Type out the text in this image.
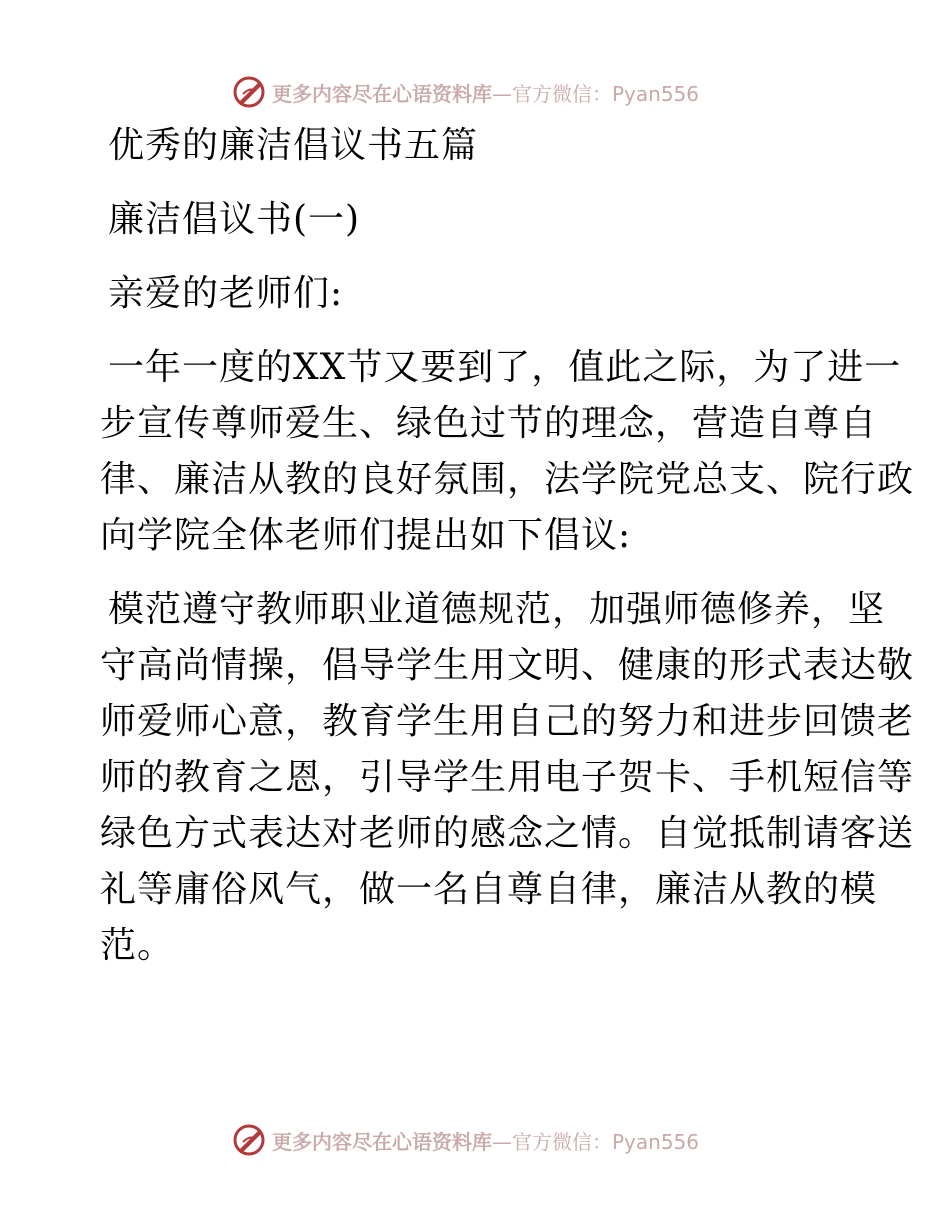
更多内容尽在心语资料库—官方微信：Pyan556
优秀的廉洁倡议书五篇
廉洁倡议书(一)
亲爱的老师们:
一年一度的XX节又要到了，值此之际，为了进一
步宣传尊师爱生、绿色过节的理念，营造自尊自
律、廉洁从教的良好氛围，法学院党总支、院行政
向学院全体老师们提出如下倡议:
模范遵守教师职业道德规范，加强师德修养，坚
守高尚情操，倡导学生用文明、健康的形式表达敬
师爱师心意，教育学生用自己的努力和进步回馈老
师的教育之恩，引导学生用电子贺卡、手机短信等
绿色方式表达对老师的感念之情。自觉抵制请客送
礼等庸俗风气，做一名自尊自律，廉洁从教的模
范。
更多内容尽在心语资料库—官方微信：Pyan556
